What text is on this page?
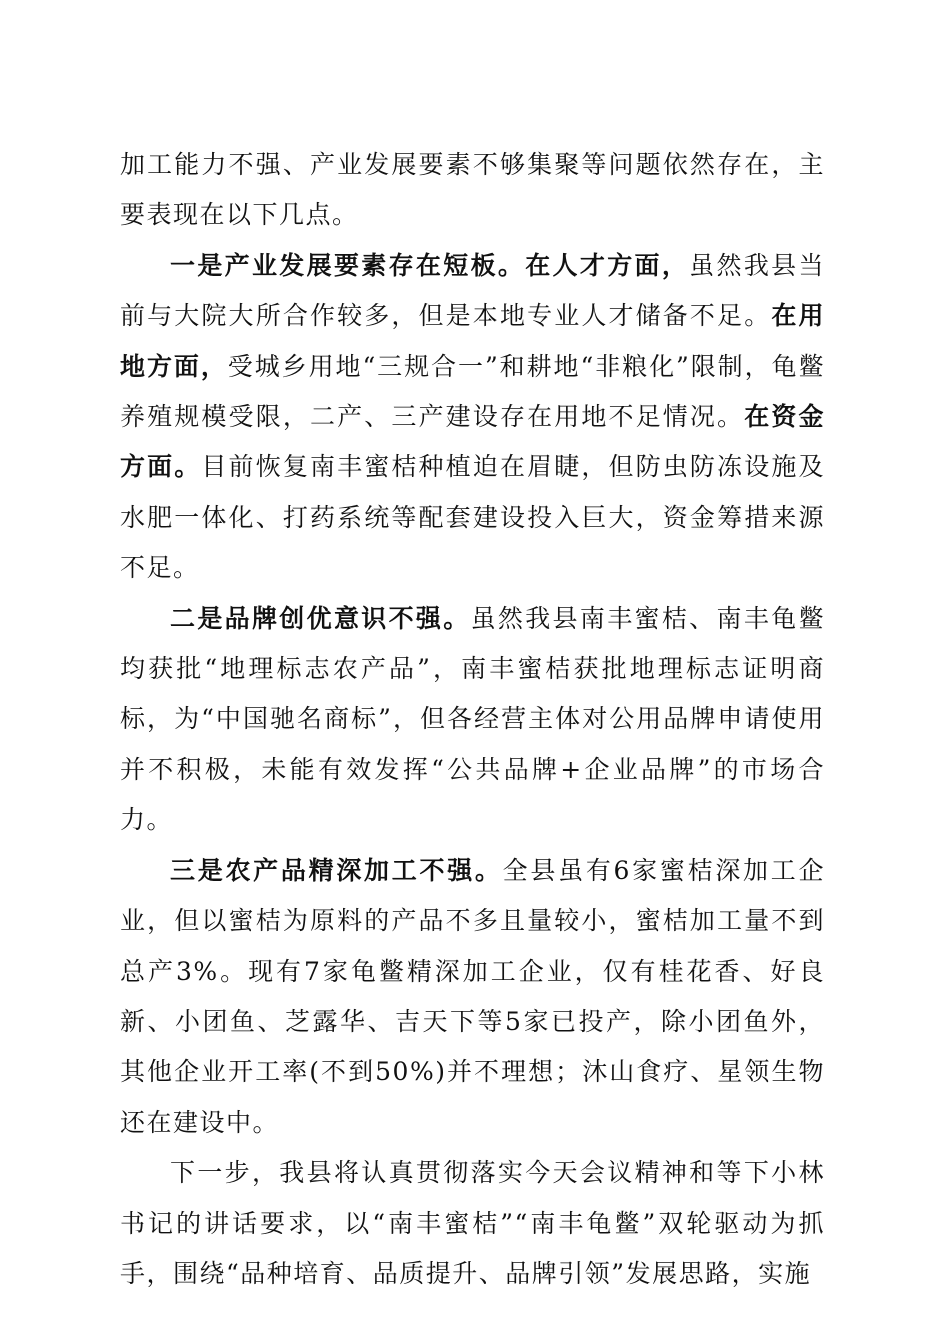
加工能力不强、产业发展要素不够集聚等问题依然存在，主要表现在以下几点。

一是产业发展要素存在短板。在人才方面，虽然我县当前与大院大所合作较多，但是本地专业人才储备不足。在用地方面，受城乡用地“三规合一”和耕地“非粮化”限制，龟鳖养殖规模受限，二产、三产建设存在用地不足情况。在资金方面。目前恢复南丰蜜桔种植迫在眉睫，但防虫防冻设施及水肥一体化、打药系统等配套建设投入巨大，资金筹措来源不足。

二是品牌创优意识不强。虽然我县南丰蜜桔、南丰龟鳖均获批“地理标志农产品”，南丰蜜桔获批地理标志证明商标，为“中国驰名商标”，但各经营主体对公用品牌申请使用并不积极，未能有效发挥“公共品牌+企业品牌”的市场合力。

三是农产品精深加工不强。全县虽有6家蜜桔深加工企业，但以蜜桔为原料的产品不多且量较小，蜜桔加工量不到总产3%。现有7家龟鳖精深加工企业，仅有桂花香、好良新、小团鱼、芝露华、吉天下等5家已投产，除小团鱼外，其他企业开工率(不到50%)并不理想；沐山食疗、星领生物还在建设中。

下一步，我县将认真贯彻落实今天会议精神和等下小林书记的讲话要求，以“南丰蜜桔”“南丰龟鳖”双轮驱动为抓手，围绕“品种培育、品质提升、品牌引领”发展思路，实施
